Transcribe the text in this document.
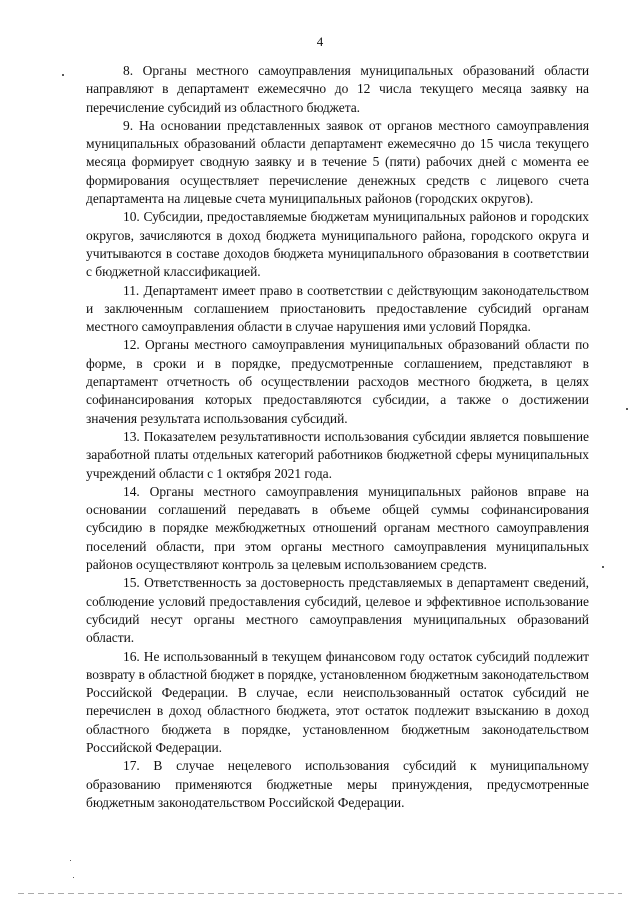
4

8. Органы местного самоуправления муниципальных образований области направляют в департамент ежемесячно до 12 числа текущего месяца заявку на перечисление субсидий из областного бюджета.

9. На основании представленных заявок от органов местного самоуправления муниципальных образований области департамент ежемесячно до 15 числа текущего месяца формирует сводную заявку и в течение 5 (пяти) рабочих дней с момента ее формирования осуществляет перечисление денежных средств с лицевого счета департамента на лицевые счета муниципальных районов (городских округов).

10. Субсидии, предоставляемые бюджетам муниципальных районов и городских округов, зачисляются в доход бюджета муниципального района, городского округа и учитываются в составе доходов бюджета муниципального образования в соответствии с бюджетной классификацией.

11. Департамент имеет право в соответствии с действующим законодательством и заключенным соглашением приостановить предоставление субсидий органам местного самоуправления области в случае нарушения ими условий Порядка.

12. Органы местного самоуправления муниципальных образований области по форме, в сроки и в порядке, предусмотренные соглашением, представляют в департамент отчетность об осуществлении расходов местного бюджета, в целях софинансирования которых предоставляются субсидии, а также о достижении значения результата использования субсидий.

13. Показателем результативности использования субсидии является повышение заработной платы отдельных категорий работников бюджетной сферы муниципальных учреждений области с 1 октября 2021 года.

14. Органы местного самоуправления муниципальных районов вправе на основании соглашений передавать в объеме общей суммы софинансирования субсидию в порядке межбюджетных отношений органам местного самоуправления поселений области, при этом органы местного самоуправления муниципальных районов осуществляют контроль за целевым использованием средств.

15. Ответственность за достоверность представляемых в департамент сведений, соблюдение условий предоставления субсидий, целевое и эффективное использование субсидий несут органы местного самоуправления муниципальных образований области.

16. Не использованный в текущем финансовом году остаток субсидий подлежит возврату в областной бюджет в порядке, установленном бюджетным законодательством Российской Федерации. В случае, если неиспользованный остаток субсидий не перечислен в доход областного бюджета, этот остаток подлежит взысканию в доход областного бюджета в порядке, установленном бюджетным законодательством Российской Федерации.

17. В случае нецелевого использования субсидий к муниципальному образованию применяются бюджетные меры принуждения, предусмотренные бюджетным законодательством Российской Федерации.
